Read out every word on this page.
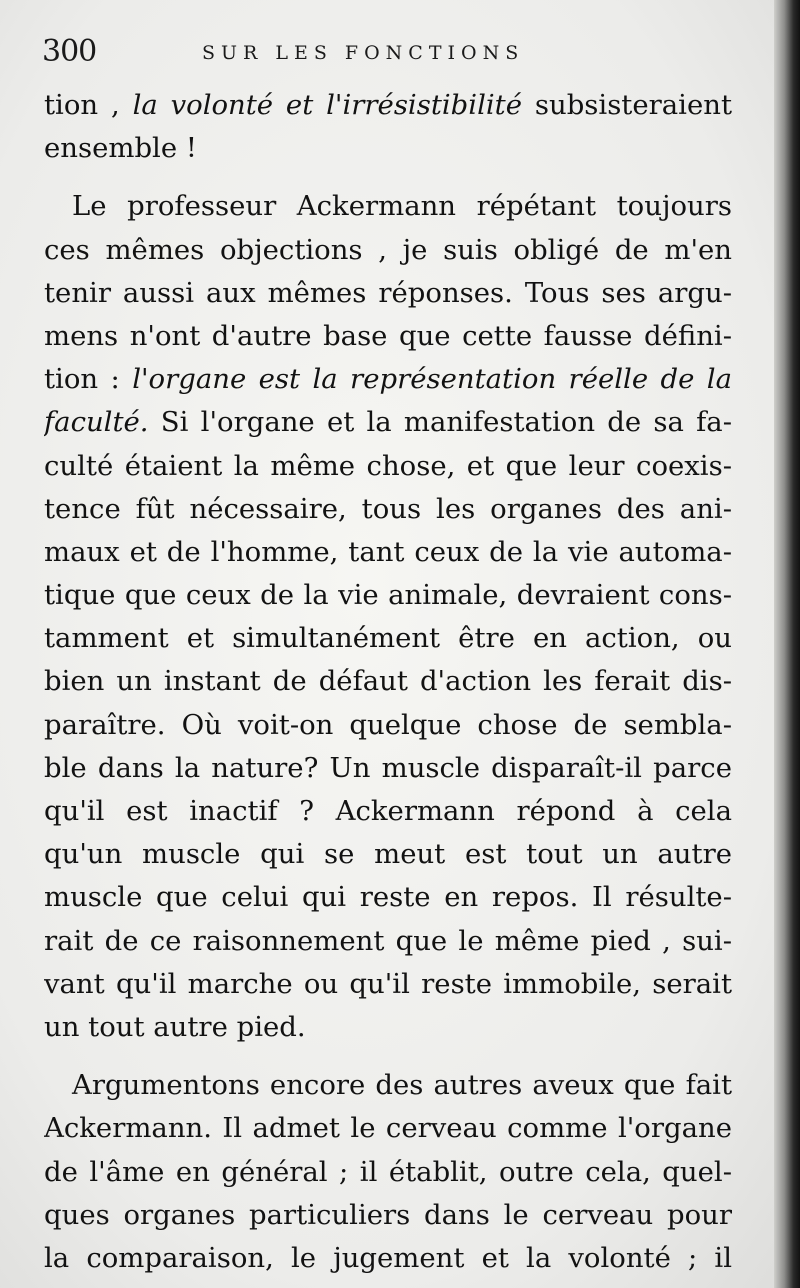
300	SUR LES FONCTIONS
tion , la volonté et l'irrésistibilité subsisteraient
ensemble !
Le professeur Ackermann répétant toujours
ces mêmes objections , je suis obligé de m'en
tenir aussi aux mêmes réponses. Tous ses argu-
mens n'ont d'autre base que cette fausse défini-
tion : l'organe est la représentation réelle de la
faculté. Si l'organe et la manifestation de sa fa-
culté étaient la même chose, et que leur coexis-
tence fût nécessaire, tous les organes des ani-
maux et de l'homme, tant ceux de la vie automa-
tique que ceux de la vie animale, devraient cons-
tamment et simultanément être en action, ou
bien un instant de défaut d'action les ferait dis-
paraître. Où voit-on quelque chose de sembla-
ble dans la nature? Un muscle disparaît-il parce
qu'il est inactif ? Ackermann répond à cela
qu'un muscle qui se meut est tout un autre
muscle que celui qui reste en repos. Il résulte-
rait de ce raisonnement que le même pied , sui-
vant qu'il marche ou qu'il reste immobile, serait
un tout autre pied.
Argumentons encore des autres aveux que fait
Ackermann. Il admet le cerveau comme l'organe
de l'âme en général ; il établit, outre cela, quel-
ques organes particuliers dans le cerveau pour
la comparaison, le jugement et la volonté ; il
